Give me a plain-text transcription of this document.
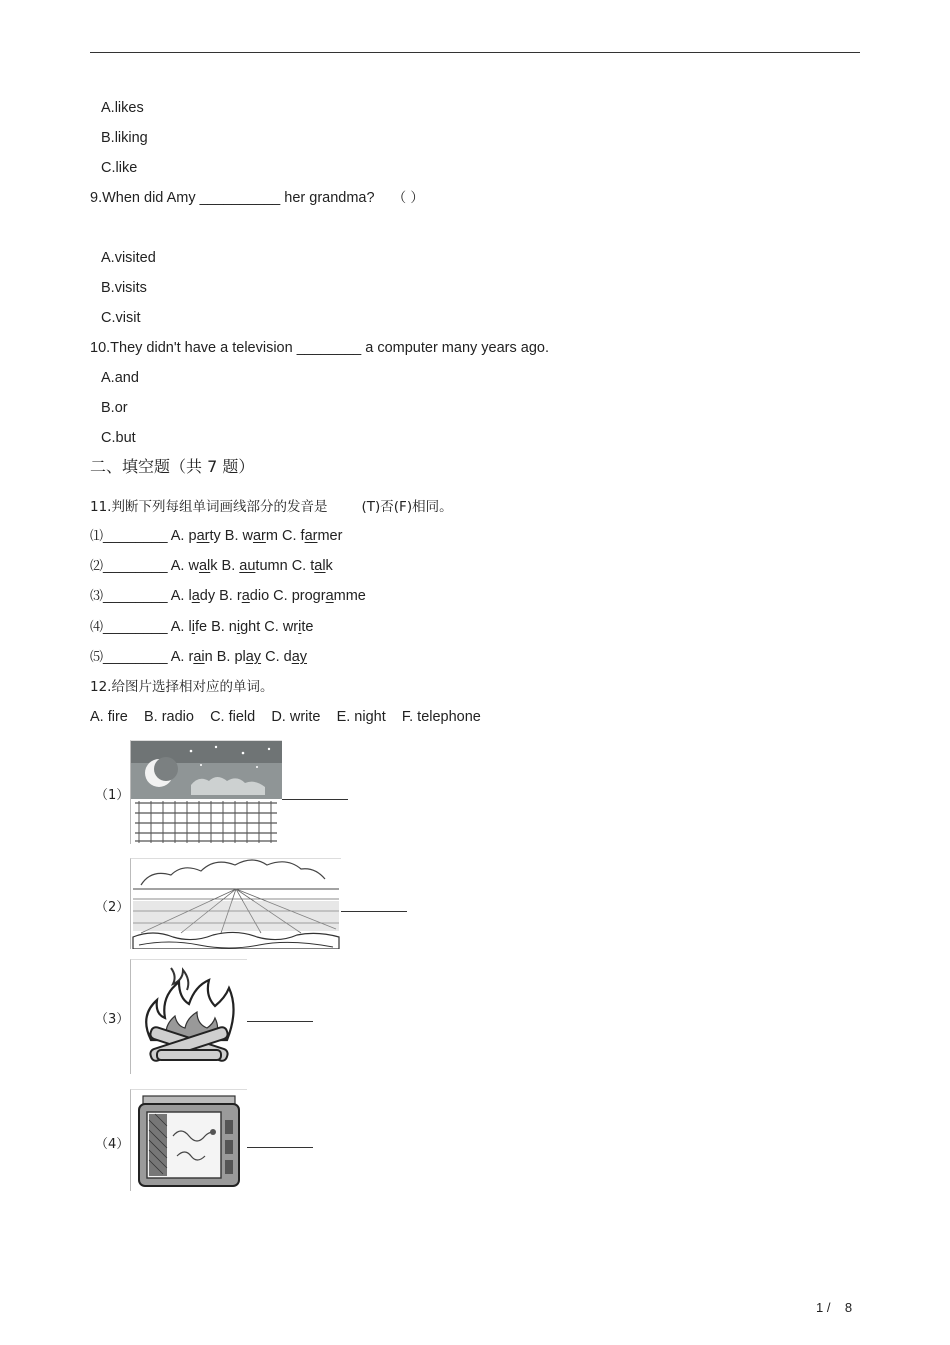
A.likes
B.liking
C.like
9.When did Amy __________ her grandma? （ ）
A.visited
B.visits
C.visit
10.They didn't have a television ________ a computer many years ago.
A.and
B.or
C.but
二、填空题（共 7 题）
11.判断下列每组单词画线部分的发音是	(T)否(F)相同。
⑴________ A. party B. warm C. farmer
⑵________ A. walk B. autumn C. talk
⑶________ A. lady B. radio C. programme
⑷________ A. life B. night C. write
⑸________ A. rain B. play C. day
12.给图片选择相对应的单词。
A. fire    B. radio    C. field    D. write    E. night    F. telephone
（1）
（2）
（3）
（4）
1 /    8
